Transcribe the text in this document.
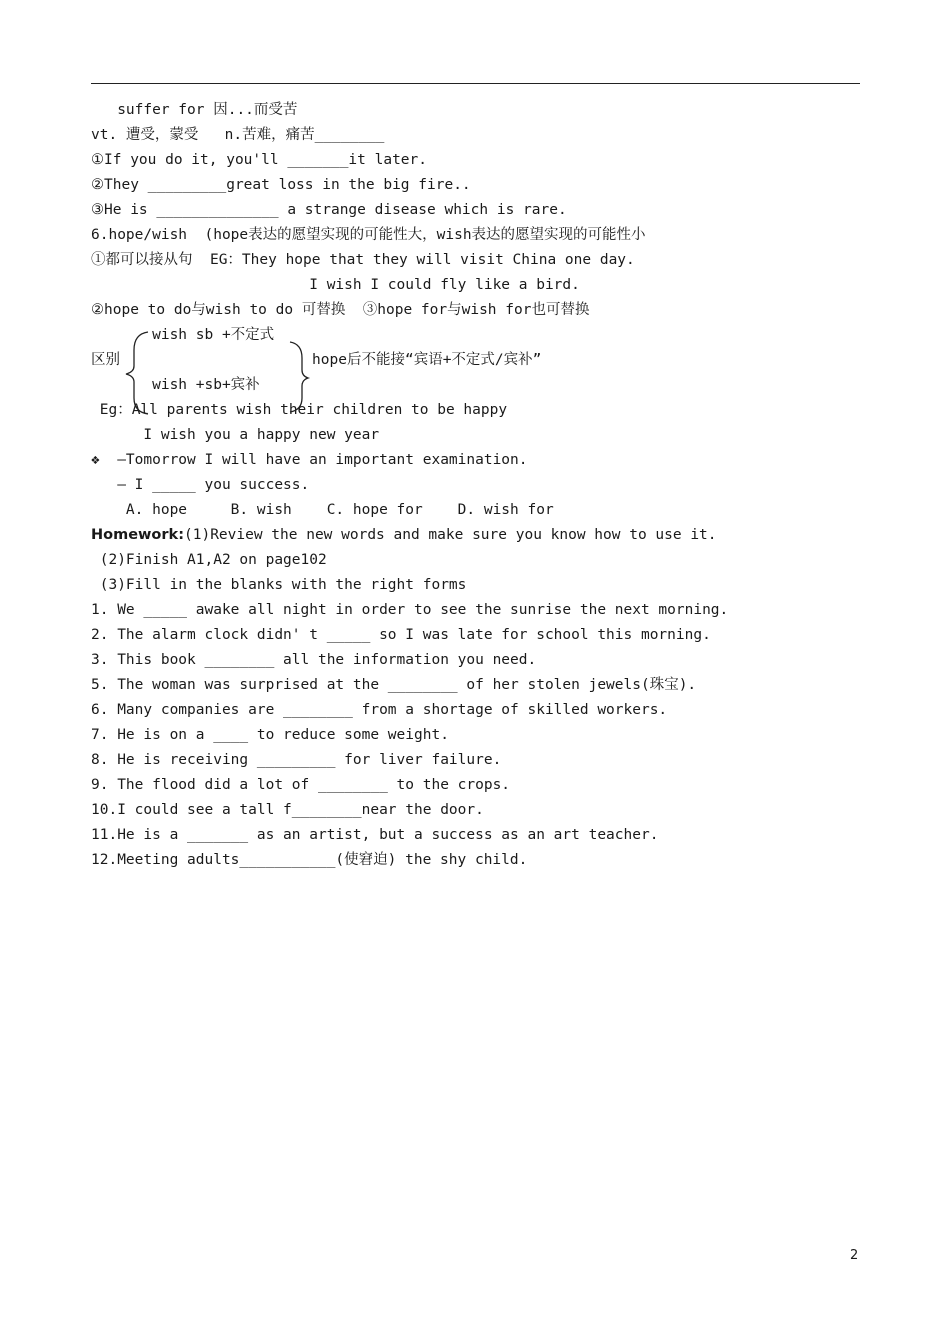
suffer for 因...而受苦
vt. 遭受，蒙受   n.苦难，痛苦________
①If you do it, you'll _______it later.
②They _________great loss in the big fire..
③He is ______________ a strange disease which is rare.
6.hope/wish  (hope表达的愿望实现的可能性大，wish表达的愿望实现的可能性小
①都可以接从句  EG：They hope that they will visit China one day.
I wish I could fly like a bird.
②hope to do与wish to do 可替换  ③hope for与wish for也可替换
wish sb +不定式
区别                      hope后不能接“宾语+不定式/宾补”
wish +sb+宾补
Eg：All parents wish their children to be happy
I wish you a happy new year
❖  —Tomorrow I will have an important examination.
— I _____ you success.
A. hope     B. wish    C. hope for    D. wish for
Homework:(1)Review the new words and make sure you know how to use it.
(2)Finish A1,A2 on page102
(3)Fill in the blanks with the right forms
1. We _____ awake all night in order to see the sunrise the next morning.
2. The alarm clock didn' t _____ so I was late for school this morning.
3. This book ________ all the information you need.
5. The woman was surprised at the ________ of her stolen jewels(珠宝).
6. Many companies are ________ from a shortage of skilled workers.
7. He is on a ____ to reduce some weight.
8. He is receiving _________ for liver failure.
9. The flood did a lot of ________ to the crops.
10.I could see a tall f________near the door.
11.He is a _______ as an artist, but a success as an art teacher.
12.Meeting adults___________(使窘迫) the shy child.
2
